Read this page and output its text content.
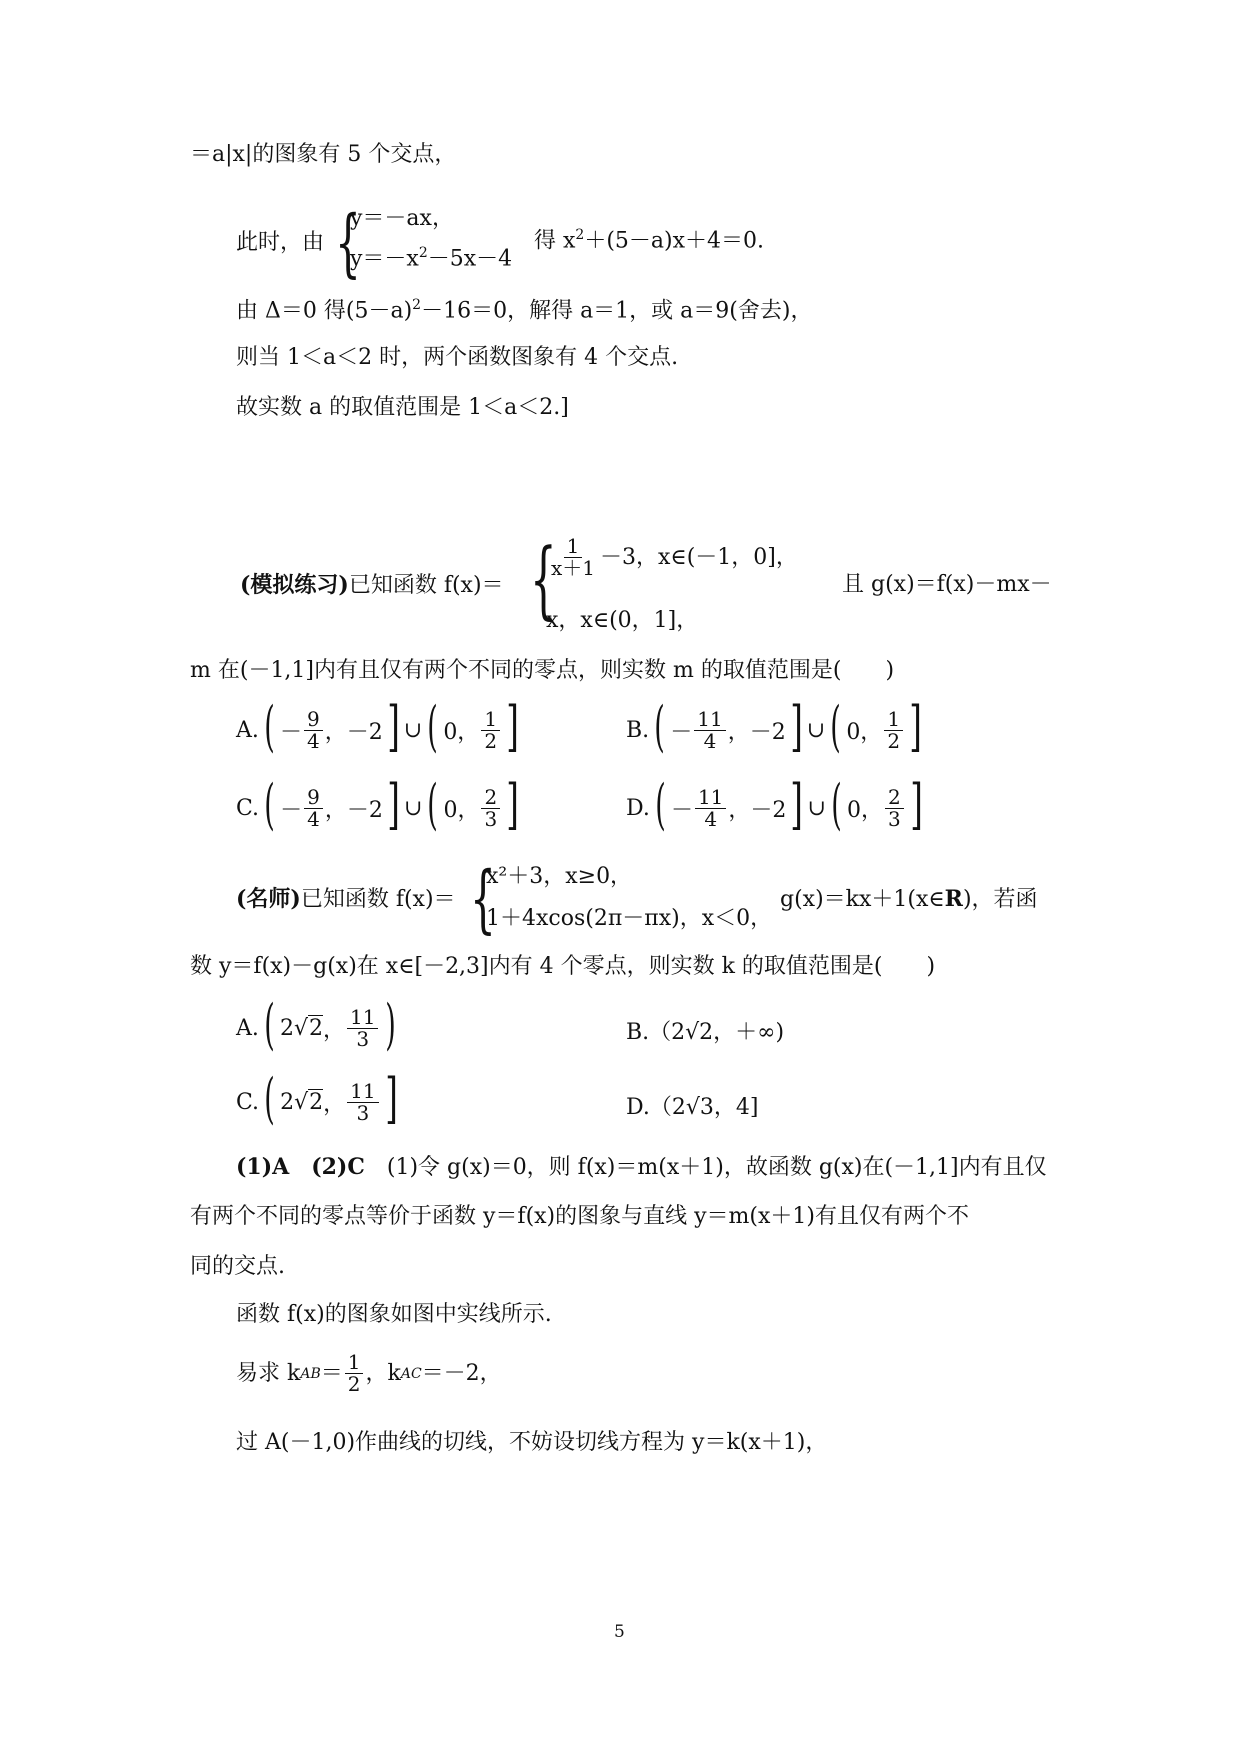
＝a|x|的图象有 5 个交点，
此时，由 {
y＝－ax，
$y=-x^2-5x-4$
得 $x^2+(5-a)x+4=0$.
由 Δ＝0 得$(5-a)^2-16=0$，解得 a＝1，或 a＝9(舍去)，
则当 1＜a＜2 时，两个函数图象有 4 个交点.
故实数 a 的取值范围是 1＜a＜2.]
(模拟练习)已知函数 f(x)＝ {
$\frac{1}{x+1} -3$，x∈(－1，0]，
x，x∈(0，1]，
且 g(x)＝f(x)－mx－
m 在(－1,1]内有且仅有两个不同的零点，则实数 m 的取值范围是(　　)
A. ( － $\frac{9}{4}$ ，－2 ] ∪ ( 0， $\frac{1}{2}$ ]	B. ( － $\frac{11}{4}$ ，－2 ] ∪ ( 0， $\frac{1}{2}$ ]
C. ( － $\frac{9}{4}$ ，－2 ] ∪ ( 0， $\frac{2}{3}$ ]	D. ( － $\frac{11}{4}$ ，－2 ] ∪ ( 0， $\frac{2}{3}$ ]
(名师)已知函数 f(x)＝ {
x²＋3，x≥0，
1＋4xcos(2π－πx)，x＜0，
g(x)＝kx＋1(x∈R)，若函
数 y＝f(x)－g(x)在 x∈[－2,3]内有 4 个零点，则实数 k 的取值范围是(　　)
A. ( 2 √ 2 ， $\frac{11}{3}$ )	B.（2√2，＋∞)
C. ( 2 √ 2 ， $\frac{11}{3}$ ]	D.（2√3，4]
(1)A　 (2)C　 (1)令 g(x)＝0，则 f(x)＝m(x＋1)，故函数 g(x)在(－1,1]内有且仅
有两个不同的零点等价于函数 y＝f(x)的图象与直线 y＝m(x＋1)有且仅有两个不
同的交点.
函数 f(x)的图象如图中实线所示.
易求 k AB ＝ $\frac{1}{2}$ ，k AC ＝－2，
过 A(－1,0)作曲线的切线，不妨设切线方程为 y＝k(x＋1)，
5
